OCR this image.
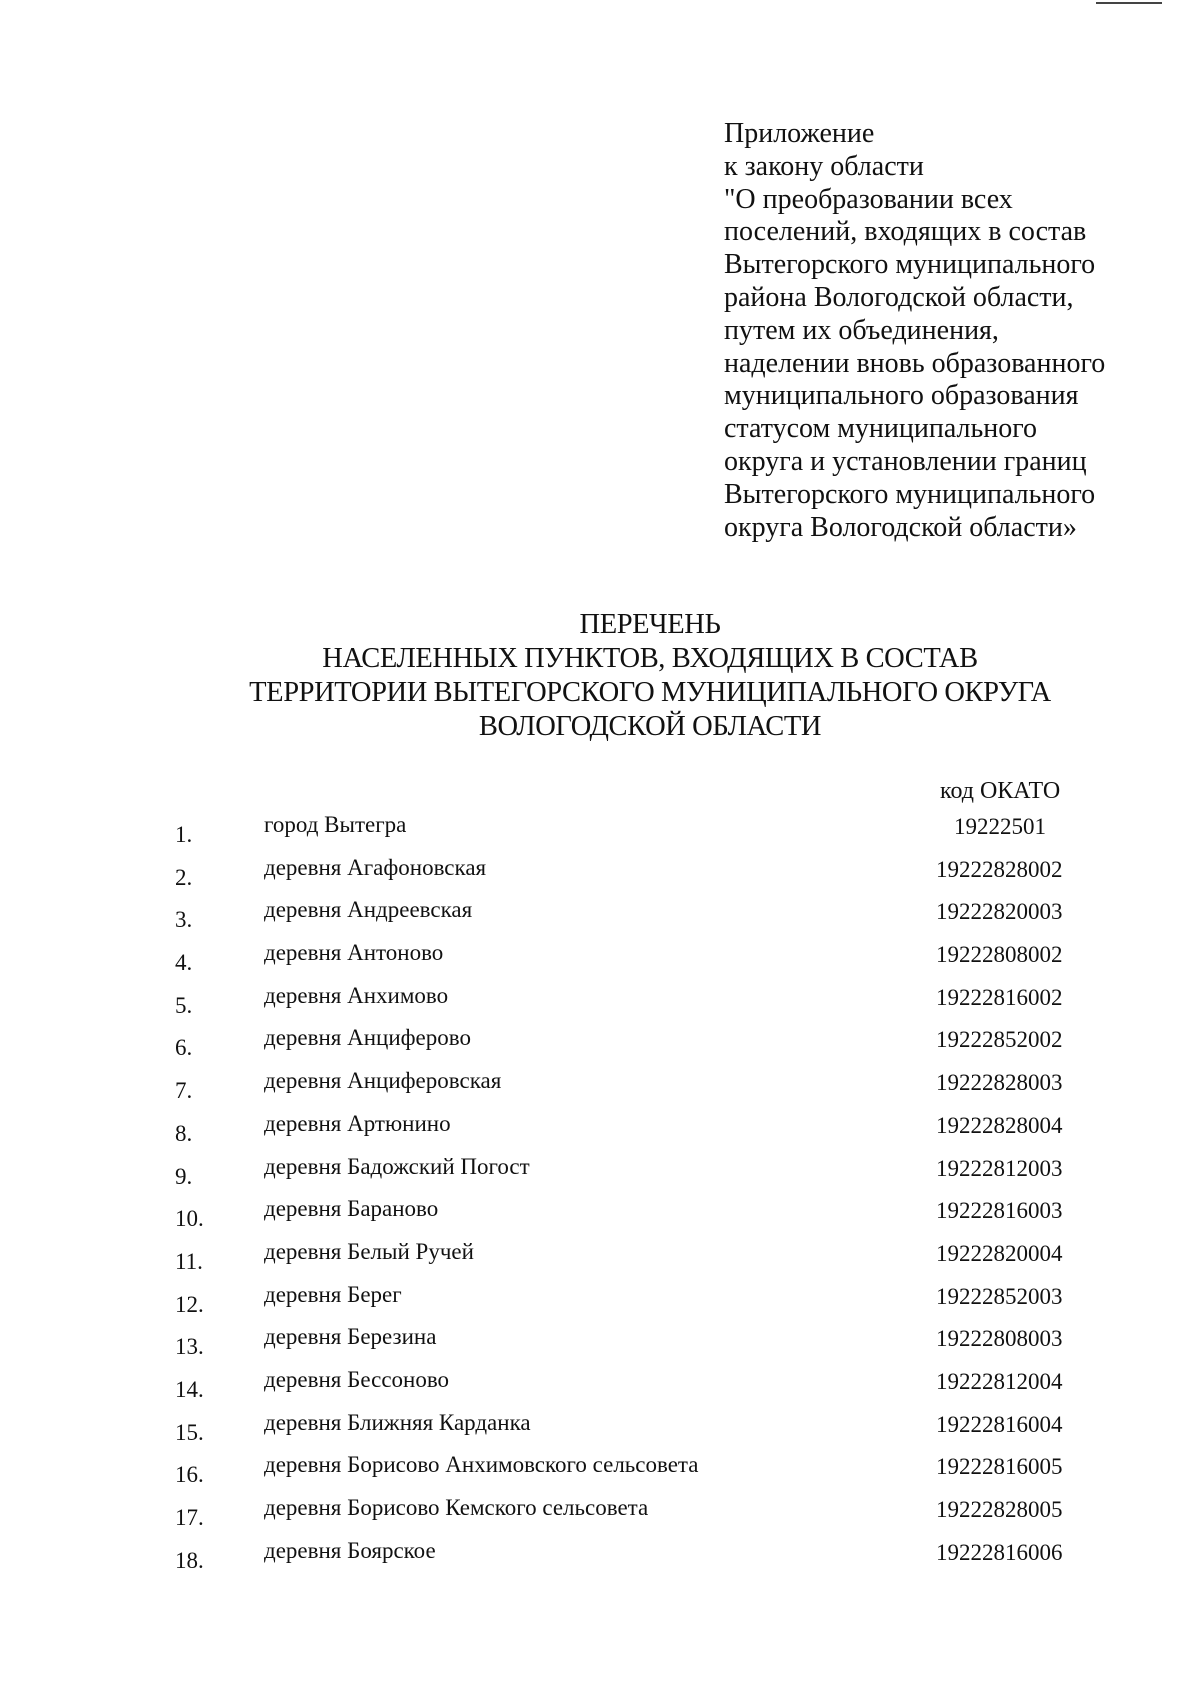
Приложение
к закону области
"О преобразовании всех
поселений, входящих в состав
Вытегорского муниципального
района Вологодской области,
путем их объединения,
наделении вновь образованного
муниципального образования
статусом муниципального
округа и установлении границ
Вытегорского муниципального
округа Вологодской области»
ПЕРЕЧЕНЬ
НАСЕЛЕННЫХ ПУНКТОВ, ВХОДЯЩИХ В СОСТАВ
ТЕРРИТОРИИ ВЫТЕГОРСКОГО МУНИЦИПАЛЬНОГО ОКРУГА
ВОЛОГОДСКОЙ ОБЛАСТИ
код ОКАТО
1.	город Вытегра	19222501
2.	деревня Агафоновская	19222828002
3.	деревня Андреевская	19222820003
4.	деревня Антоново	19222808002
5.	деревня Анхимово	19222816002
6.	деревня Анциферово	19222852002
7.	деревня Анциферовская	19222828003
8.	деревня Артюнино	19222828004
9.	деревня Бадожский Погост	19222812003
10.	деревня Бараново	19222816003
11.	деревня Белый Ручей	19222820004
12.	деревня Берег	19222852003
13.	деревня Березина	19222808003
14.	деревня Бессоново	19222812004
15.	деревня Ближняя Карданка	19222816004
16.	деревня Борисово Анхимовского сельсовета	19222816005
17.	деревня Борисово Кемского сельсовета	19222828005
18.	деревня Боярское	19222816006
